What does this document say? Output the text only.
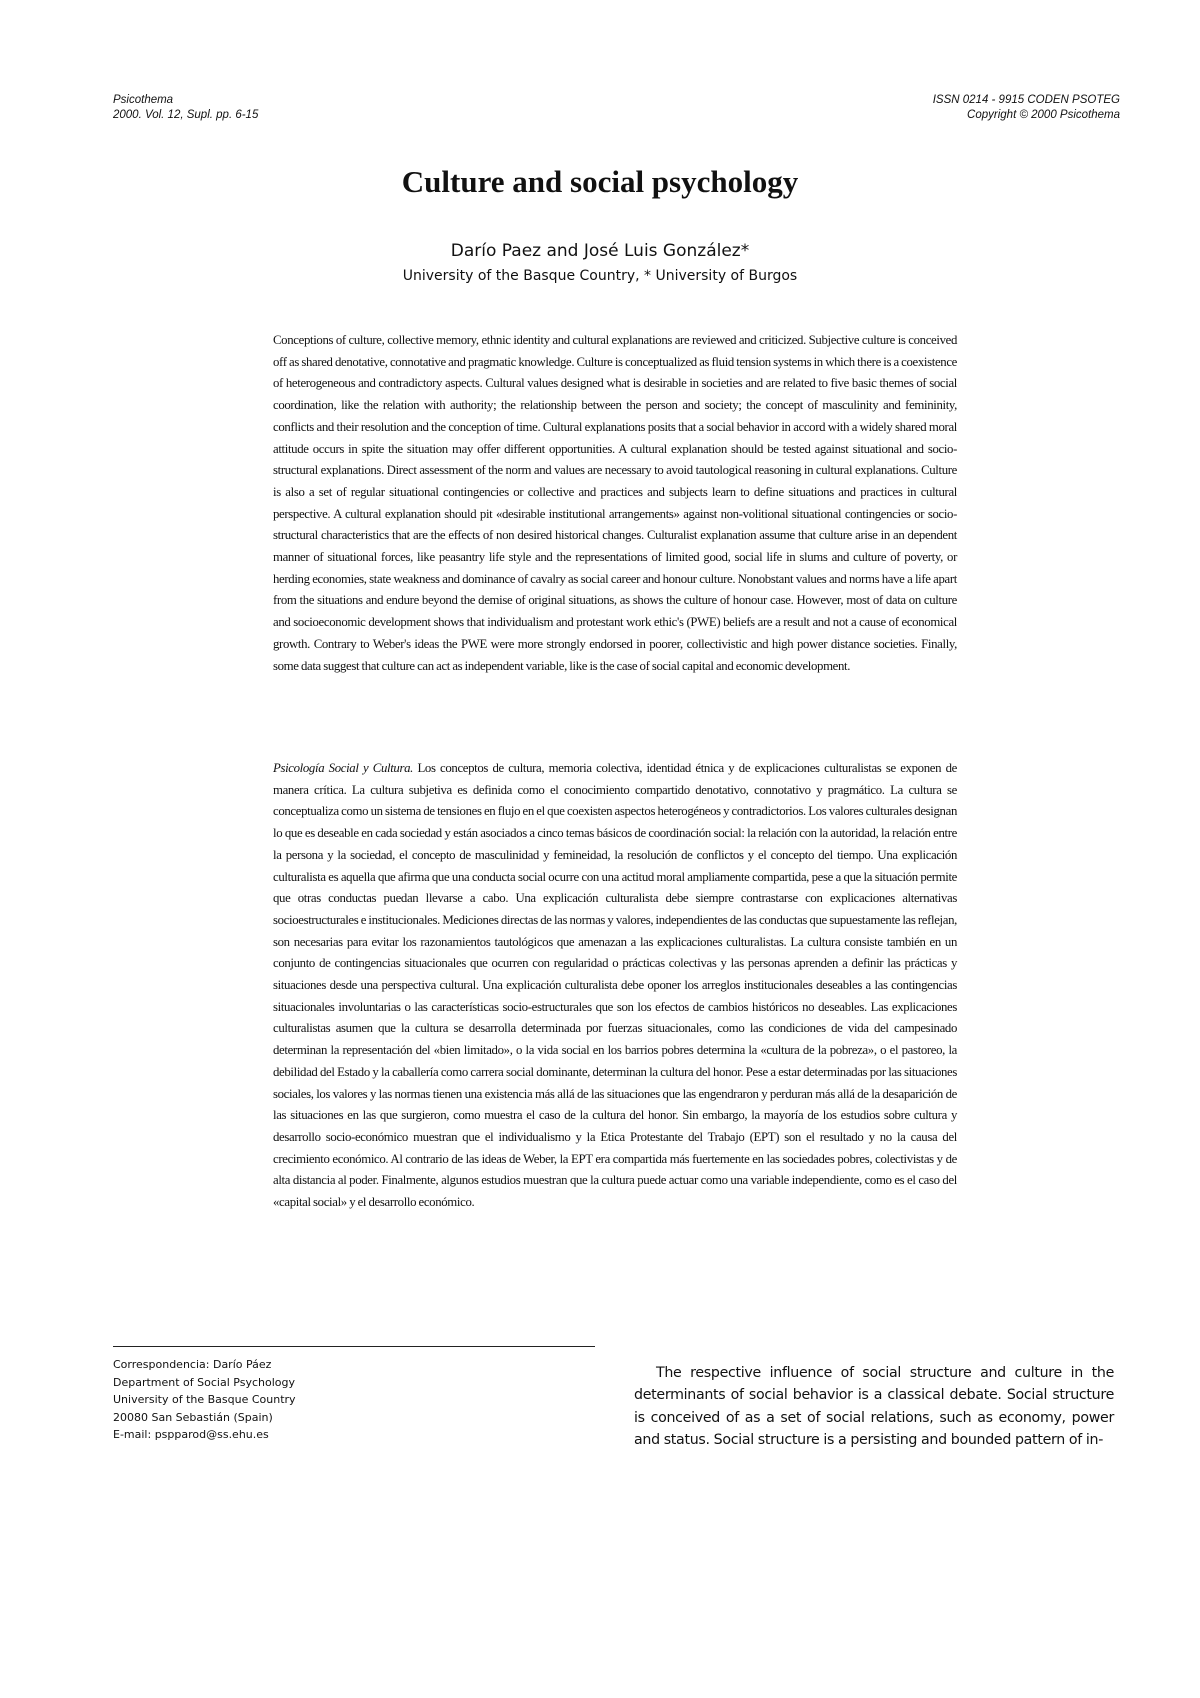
Psicothema
2000. Vol. 12, Supl. pp. 6-15
ISSN 0214 - 9915 CODEN PSOTEG
Copyright © 2000 Psicothema
Culture and social psychology
Darío Paez and José Luis González*
University of the Basque Country, * University of Burgos

Conceptions of culture, collective memory, ethnic identity and cultural explanations are reviewed and criticized. Subjective culture is conceived off as shared denotative, connotative and pragmatic knowledge. Culture is conceptualized as fluid tension systems in which there is a coexistence of heterogeneous and contradictory aspects. Cultural values designed what is desirable in societies and are related to five basic themes of social coordination, like the relation with authority; the relationship between the person and society; the concept of masculinity and femininity, conflicts and their resolution and the conception of time. Cultural explanations posits that a social behavior in accord with a widely shared moral attitude occurs in spite the situation may offer different opportunities. A cultural explanation should be tested against situational and socio-structural explanations. Direct assessment of the norm and values are necessary to avoid tautological reasoning in cultural explanations. Culture is also a set of regular situational contingencies or collective and practices and subjects learn to define situations and practices in cultural perspective. A cultural explanation should pit «desirable institutional arrangements» against non-volitional situational contingencies or socio-structural characteristics that are the effects of non desired historical changes. Culturalist explanation assume that culture arise in an dependent manner of situational forces, like peasantry life style and the representations of limited good, social life in slums and culture of poverty, or herding economies, state weakness and dominance of cavalry as social career and honour culture. Nonobstant values and norms have a life apart from the situations and endure beyond the demise of original situations, as shows the culture of honour case. However, most of data on culture and socioeconomic development shows that individualism and protestant work ethic's (PWE) beliefs are a result and not a cause of economical growth. Contrary to Weber's ideas the PWE were more strongly endorsed in poorer, collectivistic and high power distance societies. Finally, some data suggest that culture can act as independent variable, like is the case of social capital and economic development.

Psicología Social y Cultura. Los conceptos de cultura, memoria colectiva, identidad étnica y de explicaciones culturalistas se exponen de manera crítica. La cultura subjetiva es definida como el conocimiento compartido denotativo, connotativo y pragmático. La cultura se conceptualiza como un sistema de tensiones en flujo en el que coexisten aspectos heterogéneos y contradictorios. Los valores culturales designan lo que es deseable en cada sociedad y están asociados a cinco temas básicos de coordinación social: la relación con la autoridad, la relación entre la persona y la sociedad, el concepto de masculinidad y femineidad, la resolución de conflictos y el concepto del tiempo. Una explicación culturalista es aquella que afirma que una conducta social ocurre con una actitud moral ampliamente compartida, pese a que la situación permite que otras conductas puedan llevarse a cabo. Una explicación culturalista debe siempre contrastarse con explicaciones alternativas socioestructurales e institucionales. Mediciones directas de las normas y valores, independientes de las conductas que supuestamente las reflejan, son necesarias para evitar los razonamientos tautológicos que amenazan a las explicaciones culturalistas. La cultura consiste también en un conjunto de contingencias situacionales que ocurren con regularidad o prácticas colectivas y las personas aprenden a definir las prácticas y situaciones desde una perspectiva cultural. Una explicación culturalista debe oponer los arreglos institucionales deseables a las contingencias situacionales involuntarias o las características socio-estructurales que son los efectos de cambios históricos no deseables. Las explicaciones culturalistas asumen que la cultura se desarrolla determinada por fuerzas situacionales, como las condiciones de vida del campesinado determinan la representación del «bien limitado», o la vida social en los barrios pobres determina la «cultura de la pobreza», o el pastoreo, la debilidad del Estado y la caballería como carrera social dominante, determinan la cultura del honor. Pese a estar determinadas por las situaciones sociales, los valores y las normas tienen una existencia más allá de las situaciones que las engendraron y perduran más allá de la desaparición de las situaciones en las que surgieron, como muestra el caso de la cultura del honor. Sin embargo, la mayoría de los estudios sobre cultura y desarrollo socio-económico muestran que el individualismo y la Etica Protestante del Trabajo (EPT) son el resultado y no la causa del crecimiento económico. Al contrario de las ideas de Weber, la EPT era compartida más fuertemente en las sociedades pobres, colectivistas y de alta distancia al poder. Finalmente, algunos estudios muestran que la cultura puede actuar como una variable independiente, como es el caso del «capital social» y el desarrollo económico.

Correspondencia: Darío Páez
Department of Social Psychology
University of the Basque Country
20080 San Sebastián (Spain)
E-mail: pspparod@ss.ehu.es

The respective influence of social structure and culture in the determinants of social behavior is a classical debate. Social structure is conceived of as a set of social relations, such as economy, power and status. Social structure is a persisting and bounded pattern of in-
